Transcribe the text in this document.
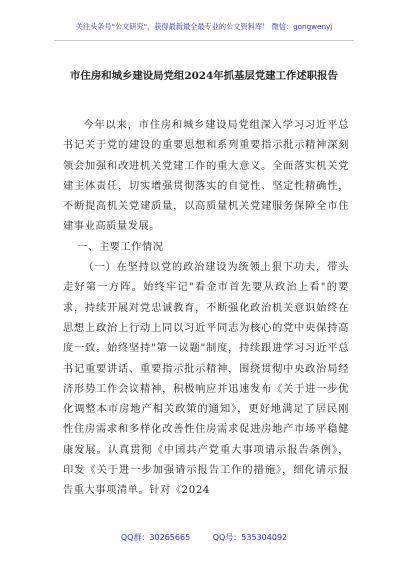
关注头条号"公文研究"，获得最新最全最专业的公文资料库！ 微信：gongwenyj
市住房和城乡建设局党组2024年抓基层党建工作述职报告

今年以来，市住房和城乡建设局党组深入学习习近平总书记关于党的建设的重要思想和系列重要指示批示精神深刻领会加强和改进机关党建工作的重大意义。全面落实机关党建主体责任，切实增强贯彻落实的自觉性、坚定性精确性，不断提高机关党建质量，以高质量机关党建服务保障全市住建事业高质量发展。

一、主要工作情况

（一）在坚持以党的政治建设为统领上狠下功夫，带头走好第一方阵。始终牢记"看金市首先要从政治上看"的要求，持续开展对党忠诚教育，不断强化政治机关意识始终在思想上政治上行动上同以习近平同志为核心的党中央保持高度一致。始终坚持"第一议题"制度，持续跟进学习习近平总书记重要讲话、重要指示批示精神，围绕贯彻中央政治局经济形势工作会议精神，积极响应并迅速发布《关于进一步优化调整本市房地产相关政策的通知》，更好地满足了居民刚性住房需求和多样化改善性住房需求促进房地产市场平稳健康发展。认真贯彻《中国共产党重大事项请示报告条例》，印发《关于进一步加强请示报告工作的措施》，细化请示报告重大事项清单。针对《2024

QQ群：30265665	QQ号：535304092
